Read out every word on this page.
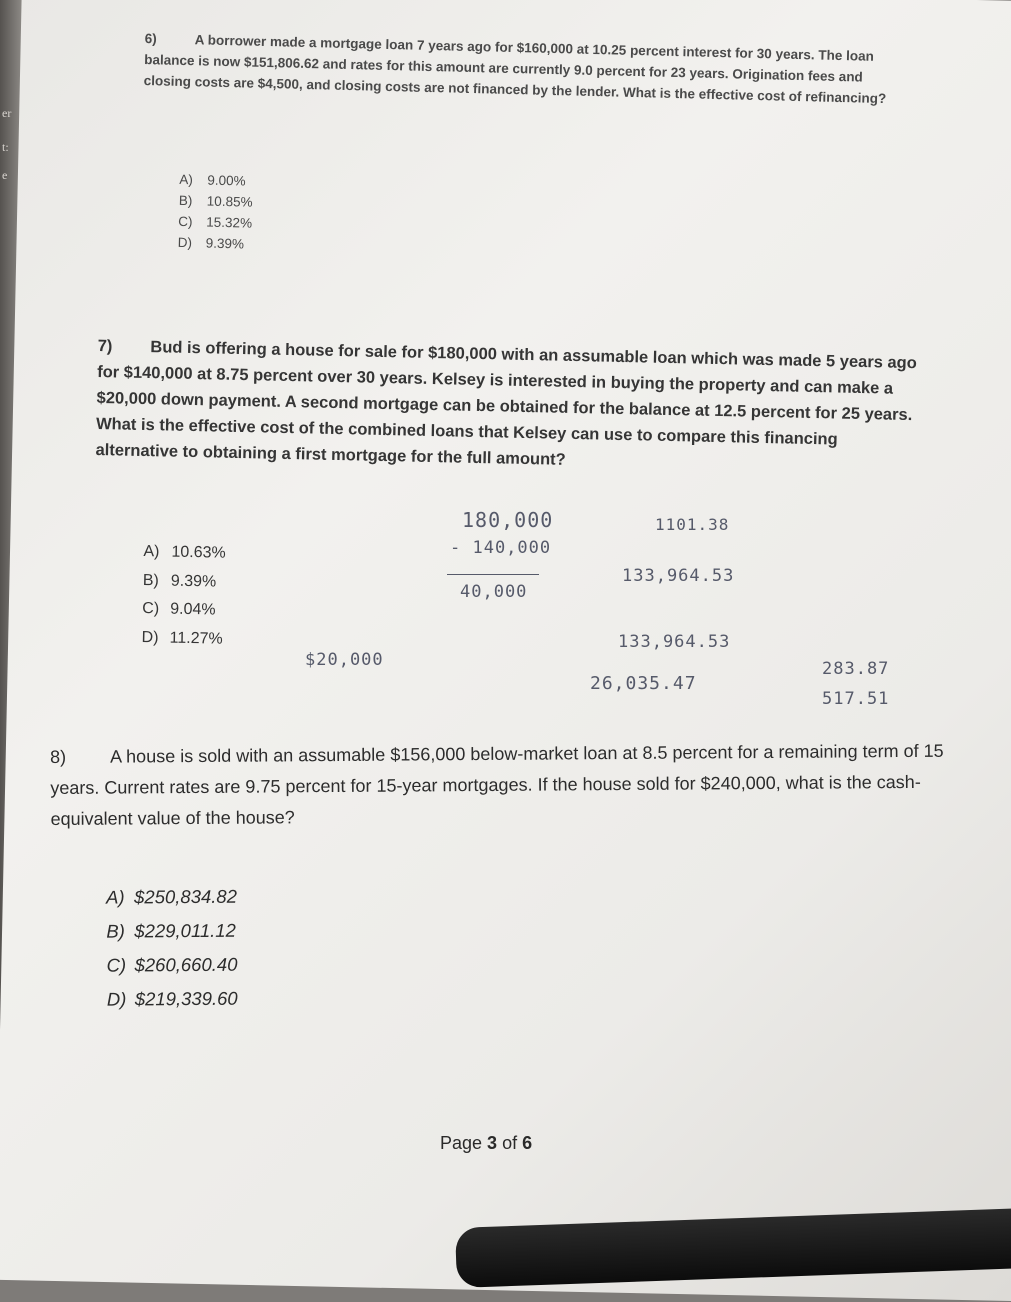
er
t:
e

6)	A borrower made a mortgage loan 7 years ago for $160,000 at 10.25 percent interest for 30 years. The loan balance is now $151,806.62 and rates for this amount are currently 9.0 percent for 23 years. Origination fees and closing costs are $4,500, and closing costs are not financed by the lender. What is the effective cost of refinancing?

A) 9.00%
B) 10.85%
C) 15.32%
D) 9.39%

7) Bud is offering a house for sale for $180,000 with an assumable loan which was made 5 years ago for $140,000 at 8.75 percent over 30 years. Kelsey is interested in buying the property and can make a $20,000 down payment. A second mortgage can be obtained for the balance at 12.5 percent for 25 years. What is the effective cost of the combined loans that Kelsey can use to compare this financing alternative to obtaining a first mortgage for the full amount?

A) 10.63%
B) 9.39%
C) 9.04%
D) 11.27%
180,000
- 140,000
40,000
$20,000
1101.38
133,964.53
133,964.53
26,035.47
283.87
517.51

8) A house is sold with an assumable $156,000 below-market loan at 8.5 percent for a remaining term of 15 years. Current rates are 9.75 percent for 15-year mortgages. If the house sold for $240,000, what is the cash-equivalent value of the house?

A) $250,834.82
B) $229,011.12
C) $260,660.40
D) $219,339.60
Page 3 of 6
